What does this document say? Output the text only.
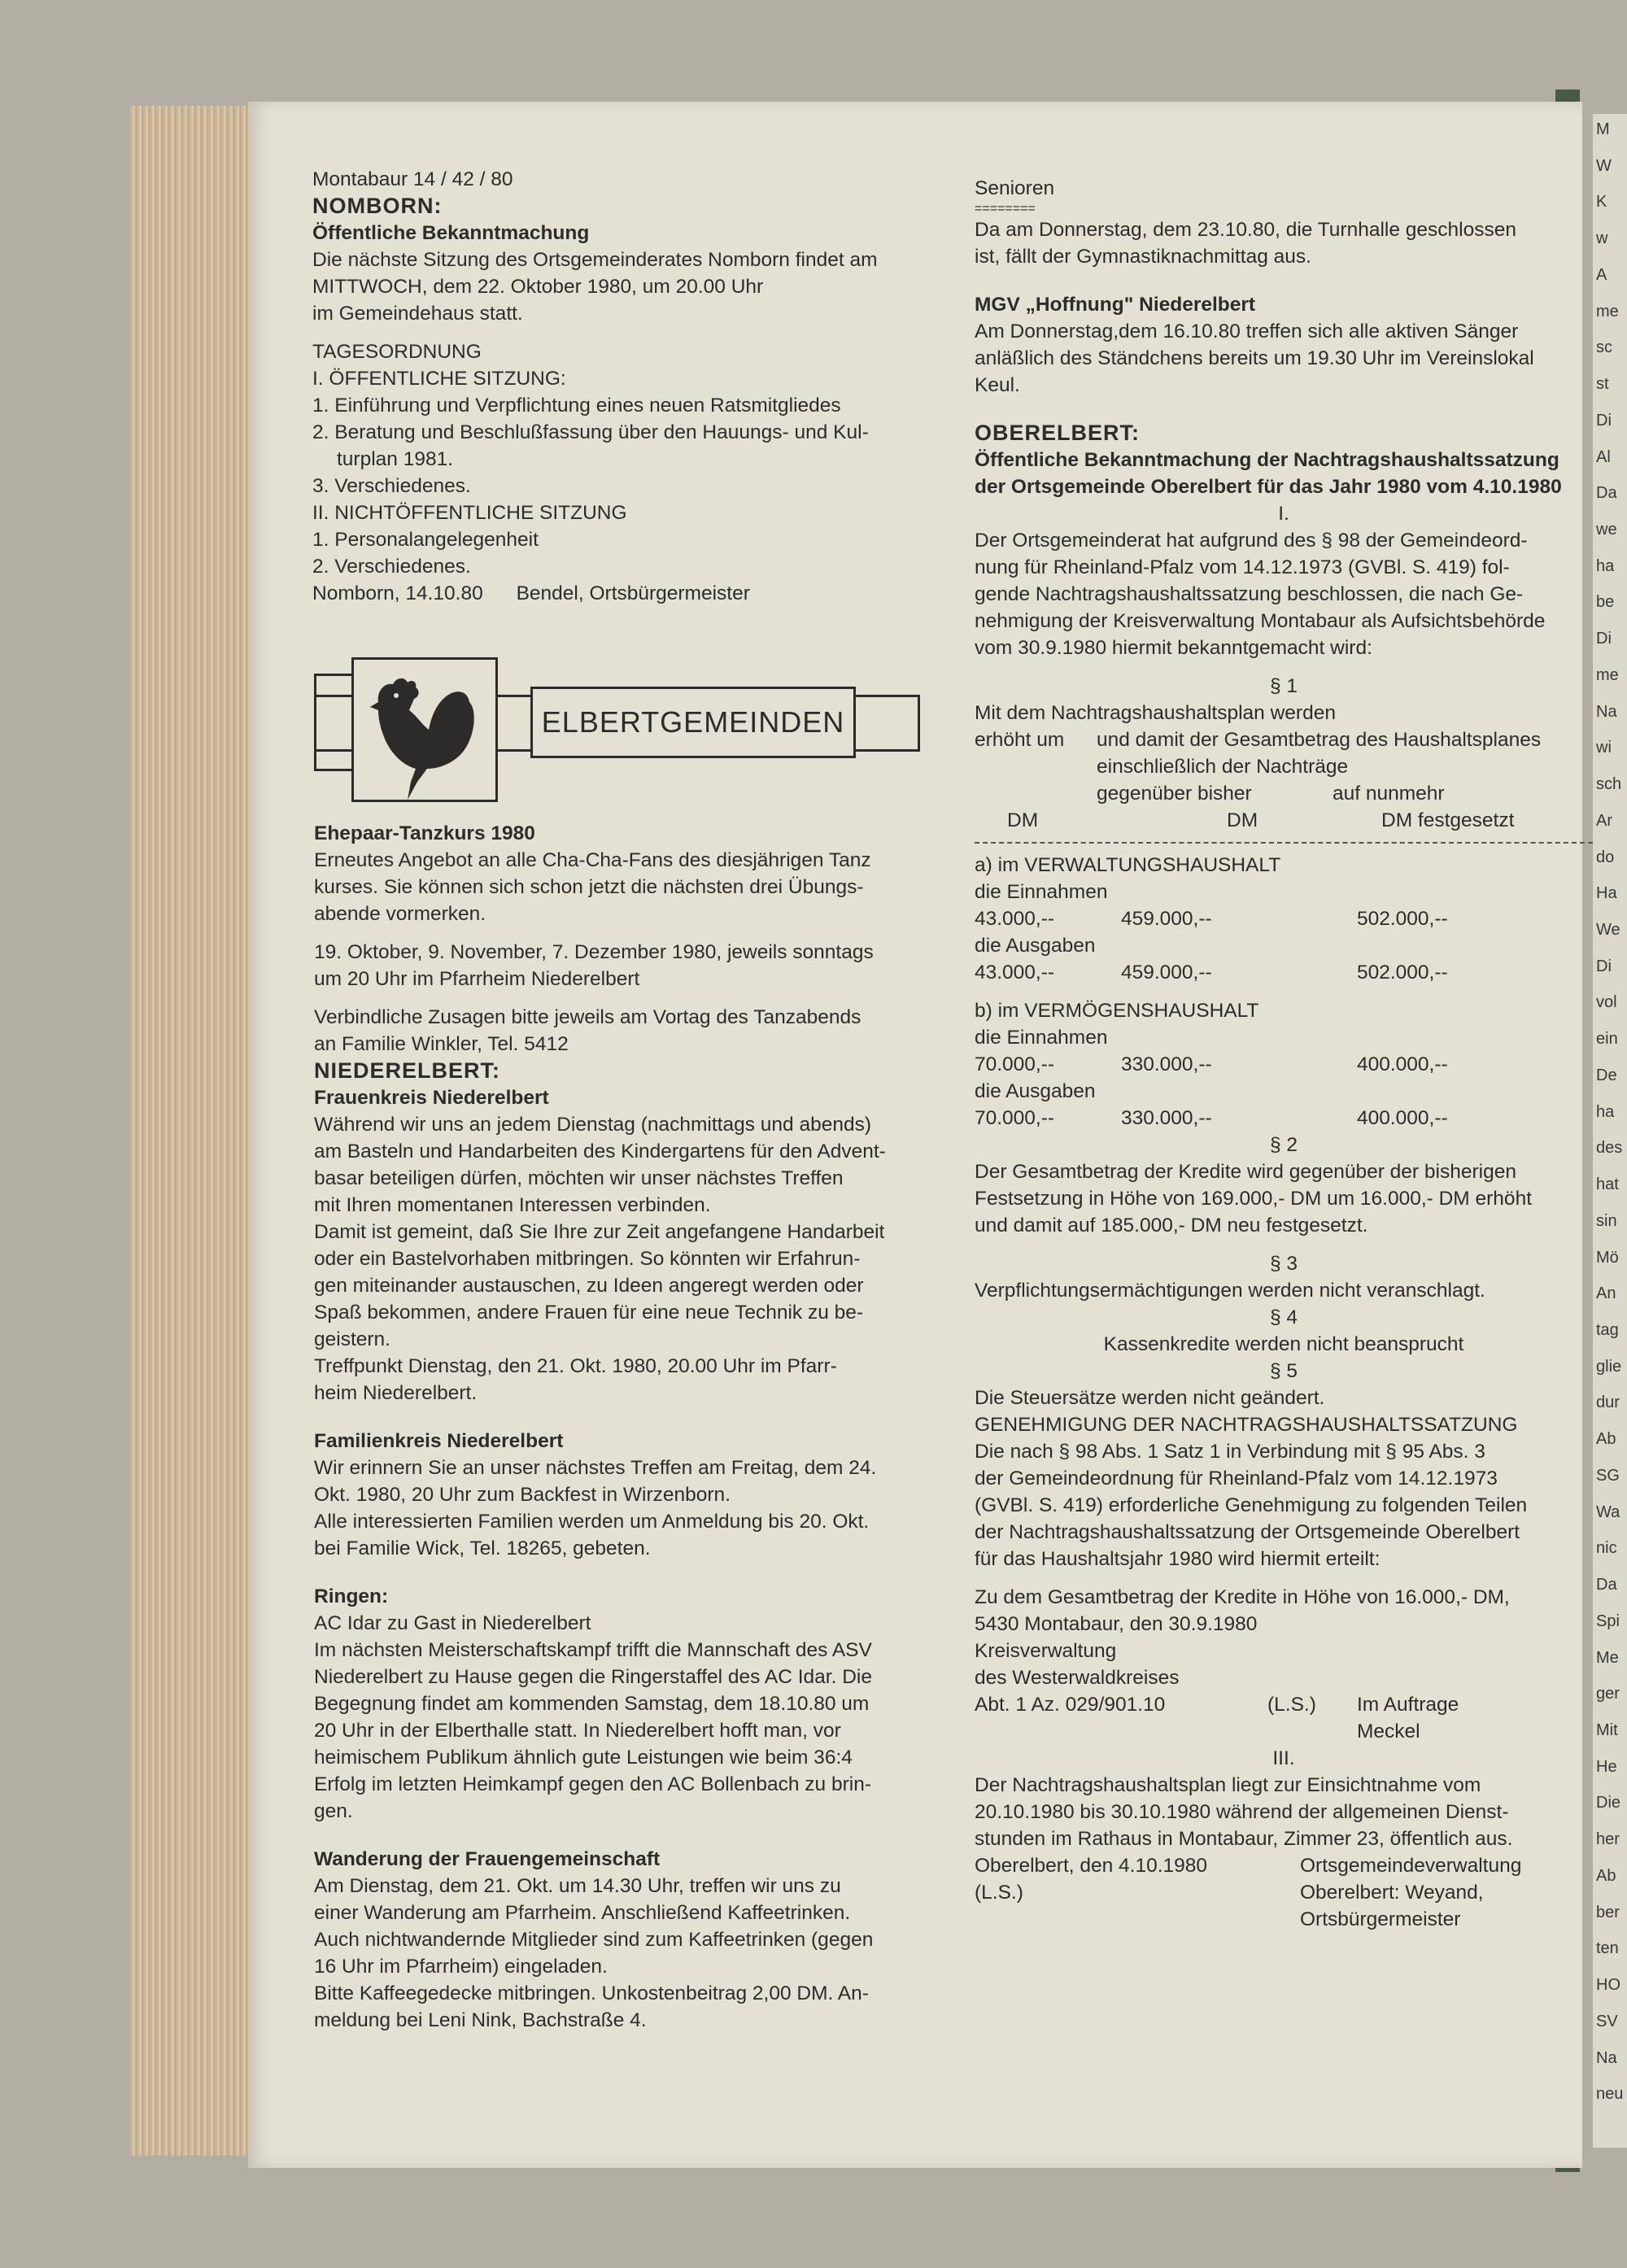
M
W
K
w
A
me
sc
st
Di
Al
Da
we
ha
be
Di
me
Na
wi
sch
Ar
do
Ha
We
Di
vol
ein
De
ha
des
hat
sin
Mö
An
tag
glie
dur
Ab
SG
Wa
nic
Da
Spi
Me
ger
Mit
He
Die
her
Ab
ber
ten
HO
SV
Na
neu
Montabaur 14 / 42 / 80
NOMBORN:
Öffentliche Bekanntmachung
Die nächste Sitzung des Ortsgemeinderates Nomborn findet am
MITTWOCH, dem 22. Oktober 1980, um 20.00 Uhr
im Gemeindehaus statt.
TAGESORDNUNG
I. ÖFFENTLICHE SITZUNG:
1. Einführung und Verpflichtung eines neuen Ratsmitgliedes
2. Beratung und Beschlußfassung über den Hauungs- und Kul-
turplan 1981.
3. Verschiedenes.
II. NICHTÖFFENTLICHE SITZUNG
1. Personalangelegenheit
2. Verschiedenes.
Nomborn, 14.10.80      Bendel, Ortsbürgermeister
ELBERTGEMEINDEN
Ehepaar-Tanzkurs 1980
Erneutes Angebot an alle Cha-Cha-Fans des diesjährigen Tanz
kurses. Sie können sich schon jetzt die nächsten drei Übungs-
abende vormerken.
19. Oktober, 9. November, 7. Dezember 1980, jeweils sonntags
um 20 Uhr im Pfarrheim Niederelbert
Verbindliche Zusagen bitte jeweils am Vortag des Tanzabends
an Familie Winkler, Tel. 5412
NIEDERELBERT:
Frauenkreis Niederelbert
Während wir uns an jedem Dienstag (nachmittags und abends)
am Basteln und Handarbeiten des Kindergartens für den Advent-
basar beteiligen dürfen, möchten wir unser nächstes Treffen
mit Ihren momentanen Interessen verbinden.
Damit ist gemeint, daß Sie Ihre zur Zeit angefangene Handarbeit
oder ein Bastelvorhaben mitbringen. So könnten wir Erfahrun-
gen miteinander austauschen, zu Ideen angeregt werden oder
Spaß bekommen, andere Frauen für eine neue Technik zu be-
geistern.
Treffpunkt Dienstag, den 21. Okt. 1980, 20.00 Uhr im Pfarr-
heim Niederelbert.
Familienkreis Niederelbert
Wir erinnern Sie an unser nächstes Treffen am Freitag, dem 24.
Okt. 1980, 20 Uhr zum Backfest in Wirzenborn.
Alle interessierten Familien werden um Anmeldung bis 20. Okt.
bei Familie Wick, Tel. 18265, gebeten.
Ringen:
AC Idar zu Gast in Niederelbert
Im nächsten Meisterschaftskampf trifft die Mannschaft des ASV
Niederelbert zu Hause gegen die Ringerstaffel des AC Idar. Die
Begegnung findet am kommenden Samstag, dem 18.10.80 um
20 Uhr in der Elberthalle statt. In Niederelbert hofft man, vor
heimischem Publikum ähnlich gute Leistungen wie beim 36:4
Erfolg im letzten Heimkampf gegen den AC Bollenbach zu brin-
gen.
Wanderung der Frauengemeinschaft
Am Dienstag, dem 21. Okt. um 14.30 Uhr, treffen wir uns zu
einer Wanderung am Pfarrheim. Anschließend Kaffeetrinken.
Auch nichtwandernde Mitglieder sind zum Kaffeetrinken (gegen
16 Uhr im Pfarrheim) eingeladen.
Bitte Kaffeegedecke mitbringen. Unkostenbeitrag 2,00 DM. An-
meldung bei Leni Nink, Bachstraße 4.
Senioren
========
Da am Donnerstag, dem 23.10.80, die Turnhalle geschlossen
ist, fällt der Gymnastiknachmittag aus.
MGV „Hoffnung" Niederelbert
Am Donnerstag,dem 16.10.80 treffen sich alle aktiven Sänger
anläßlich des Ständchens bereits um 19.30 Uhr im Vereinslokal
Keul.
OBERELBERT:
Öffentliche Bekanntmachung der Nachtragshaushaltssatzung
der Ortsgemeinde Oberelbert für das Jahr 1980 vom 4.10.1980
I.
Der Ortsgemeinderat hat aufgrund des § 98 der Gemeindeord-
nung für Rheinland-Pfalz vom 14.12.1973 (GVBl. S. 419) fol-
gende Nachtragshaushaltssatzung beschlossen, die nach Ge-
nehmigung der Kreisverwaltung Montabaur als Aufsichtsbehörde
vom 30.9.1980 hiermit bekanntgemacht wird:
§ 1
Mit dem Nachtragshaushaltsplan werden
erhöht um	und damit der Gesamtbetrag des Haushaltsplanes
einschließlich der Nachträge
gegenüber bisher	auf nunmehr
DM	DM	DM festgesetzt
a) im VERWALTUNGSHAUSHALT
die Einnahmen
43.000,--	459.000,--	502.000,--
die Ausgaben
43.000,--	459.000,--	502.000,--
b) im VERMÖGENSHAUSHALT
die Einnahmen
70.000,--	330.000,--	400.000,--
die Ausgaben
70.000,--	330.000,--	400.000,--
§ 2
Der Gesamtbetrag der Kredite wird gegenüber der bisherigen
Festsetzung in Höhe von 169.000,- DM um 16.000,- DM erhöht
und damit auf 185.000,- DM neu festgesetzt.
§ 3
Verpflichtungsermächtigungen werden nicht veranschlagt.
§ 4
Kassenkredite werden nicht beansprucht
§ 5
Die Steuersätze werden nicht geändert.
GENEHMIGUNG DER NACHTRAGSHAUSHALTSSATZUNG
Die nach § 98 Abs. 1 Satz 1 in Verbindung mit § 95 Abs. 3
der Gemeindeordnung für Rheinland-Pfalz vom 14.12.1973
(GVBl. S. 419) erforderliche Genehmigung zu folgenden Teilen
der Nachtragshaushaltssatzung der Ortsgemeinde Oberelbert
für das Haushaltsjahr 1980 wird hiermit erteilt:
Zu dem Gesamtbetrag der Kredite in Höhe von 16.000,- DM,
5430 Montabaur, den 30.9.1980
Kreisverwaltung
des Westerwaldkreises
Abt. 1 Az. 029/901.10	(L.S.)	Im Auftrage
Meckel
III.
Der Nachtragshaushaltsplan liegt zur Einsichtnahme vom
20.10.1980 bis 30.10.1980 während der allgemeinen Dienst-
stunden im Rathaus in Montabaur, Zimmer 23, öffentlich aus.
Oberelbert, den 4.10.1980	Ortsgemeindeverwaltung
(L.S.)	Oberelbert: Weyand,
Ortsbürgermeister
